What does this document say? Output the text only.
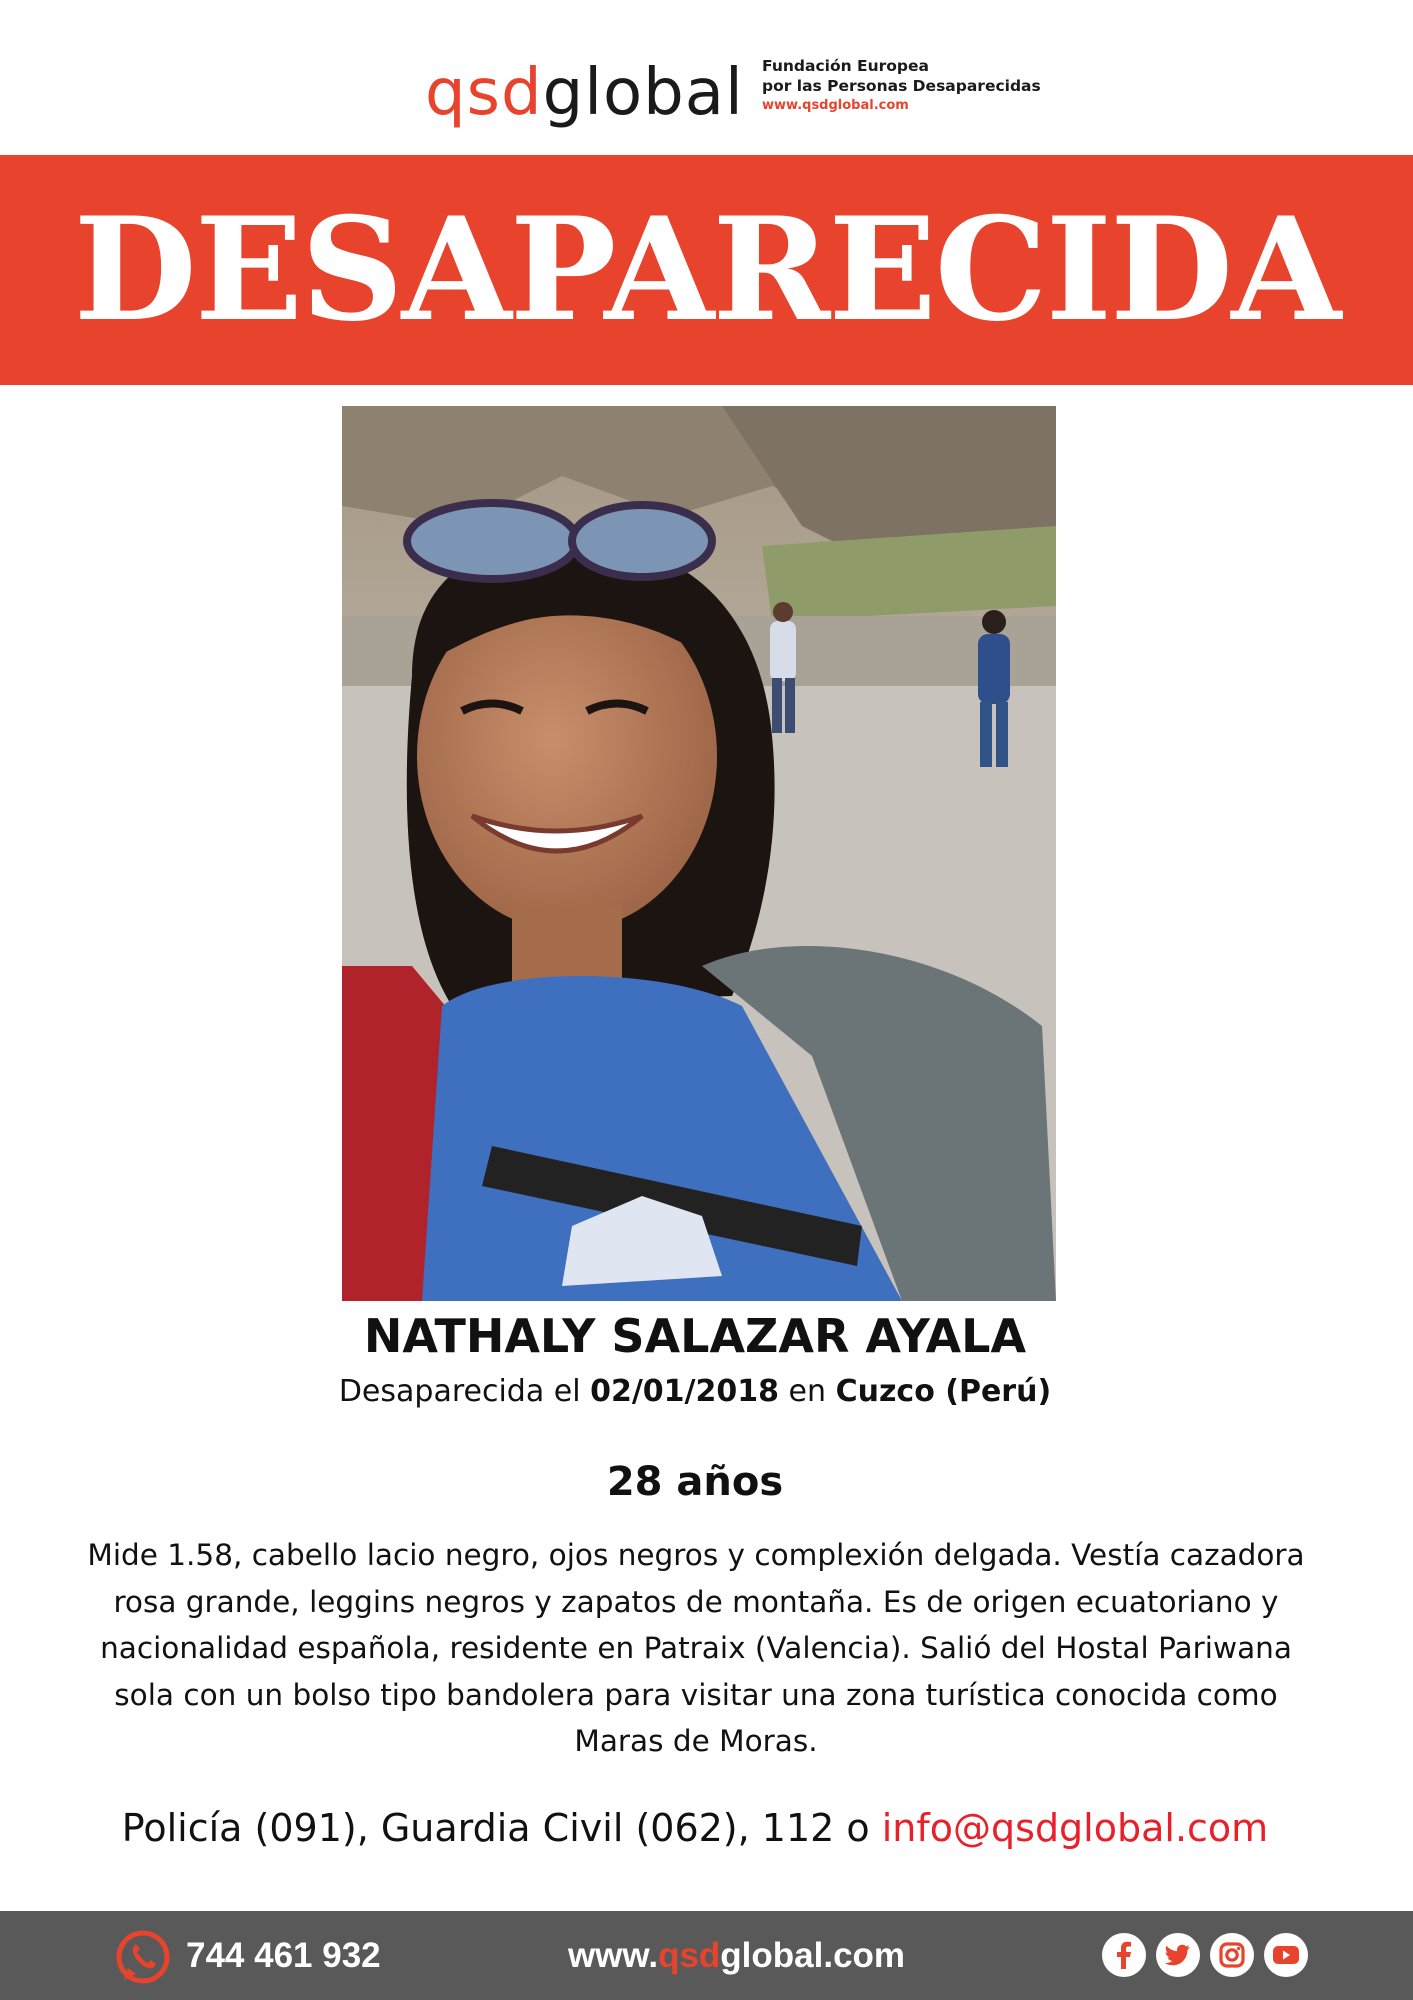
qsdglobal Fundación Europea
por las Personas Desaparecidas
www.qsdglobal.com
DESAPARECIDA
NATHALY SALAZAR AYALA
Desaparecida el 02/01/2018 en Cuzco (Perú)
28 años
Mide 1.58, cabello lacio negro, ojos negros y complexión delgada. Vestía cazadora rosa grande, leggins negros y zapatos de montaña. Es de origen ecuatoriano y nacionalidad española, residente en Patraix (Valencia). Salió del Hostal Pariwana sola con un bolso tipo bandolera para visitar una zona turística conocida como Maras de Moras.
Policía (091), Guardia Civil (062), 112 o info@qsdglobal.com
744 461 932	www.qsdglobal.com
